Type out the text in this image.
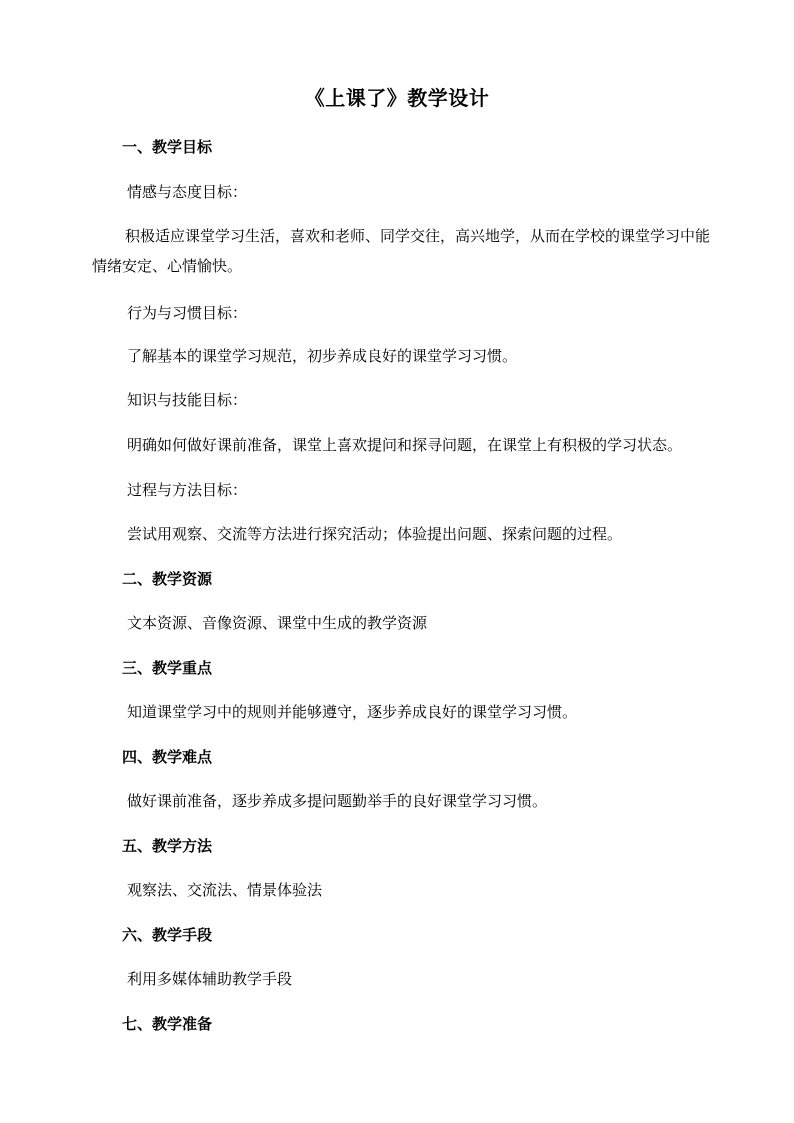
《上课了》教学设计
一、教学目标
情感与态度目标：
积极适应课堂学习生活，喜欢和老师、同学交往，高兴地学，从而在学校的课堂学习中能情绪安定、心情愉快。
行为与习惯目标：
了解基本的课堂学习规范，初步养成良好的课堂学习习惯。
知识与技能目标：
明确如何做好课前准备，课堂上喜欢提问和探寻问题，在课堂上有积极的学习状态。
过程与方法目标：
尝试用观察、交流等方法进行探究活动；体验提出问题、探索问题的过程。
二、教学资源
文本资源、音像资源、课堂中生成的教学资源
三、教学重点
知道课堂学习中的规则并能够遵守，逐步养成良好的课堂学习习惯。
四、教学难点
做好课前准备，逐步养成多提问题勤举手的良好课堂学习习惯。
五、教学方法
观察法、交流法、情景体验法
六、教学手段
利用多媒体辅助教学手段
七、教学准备
